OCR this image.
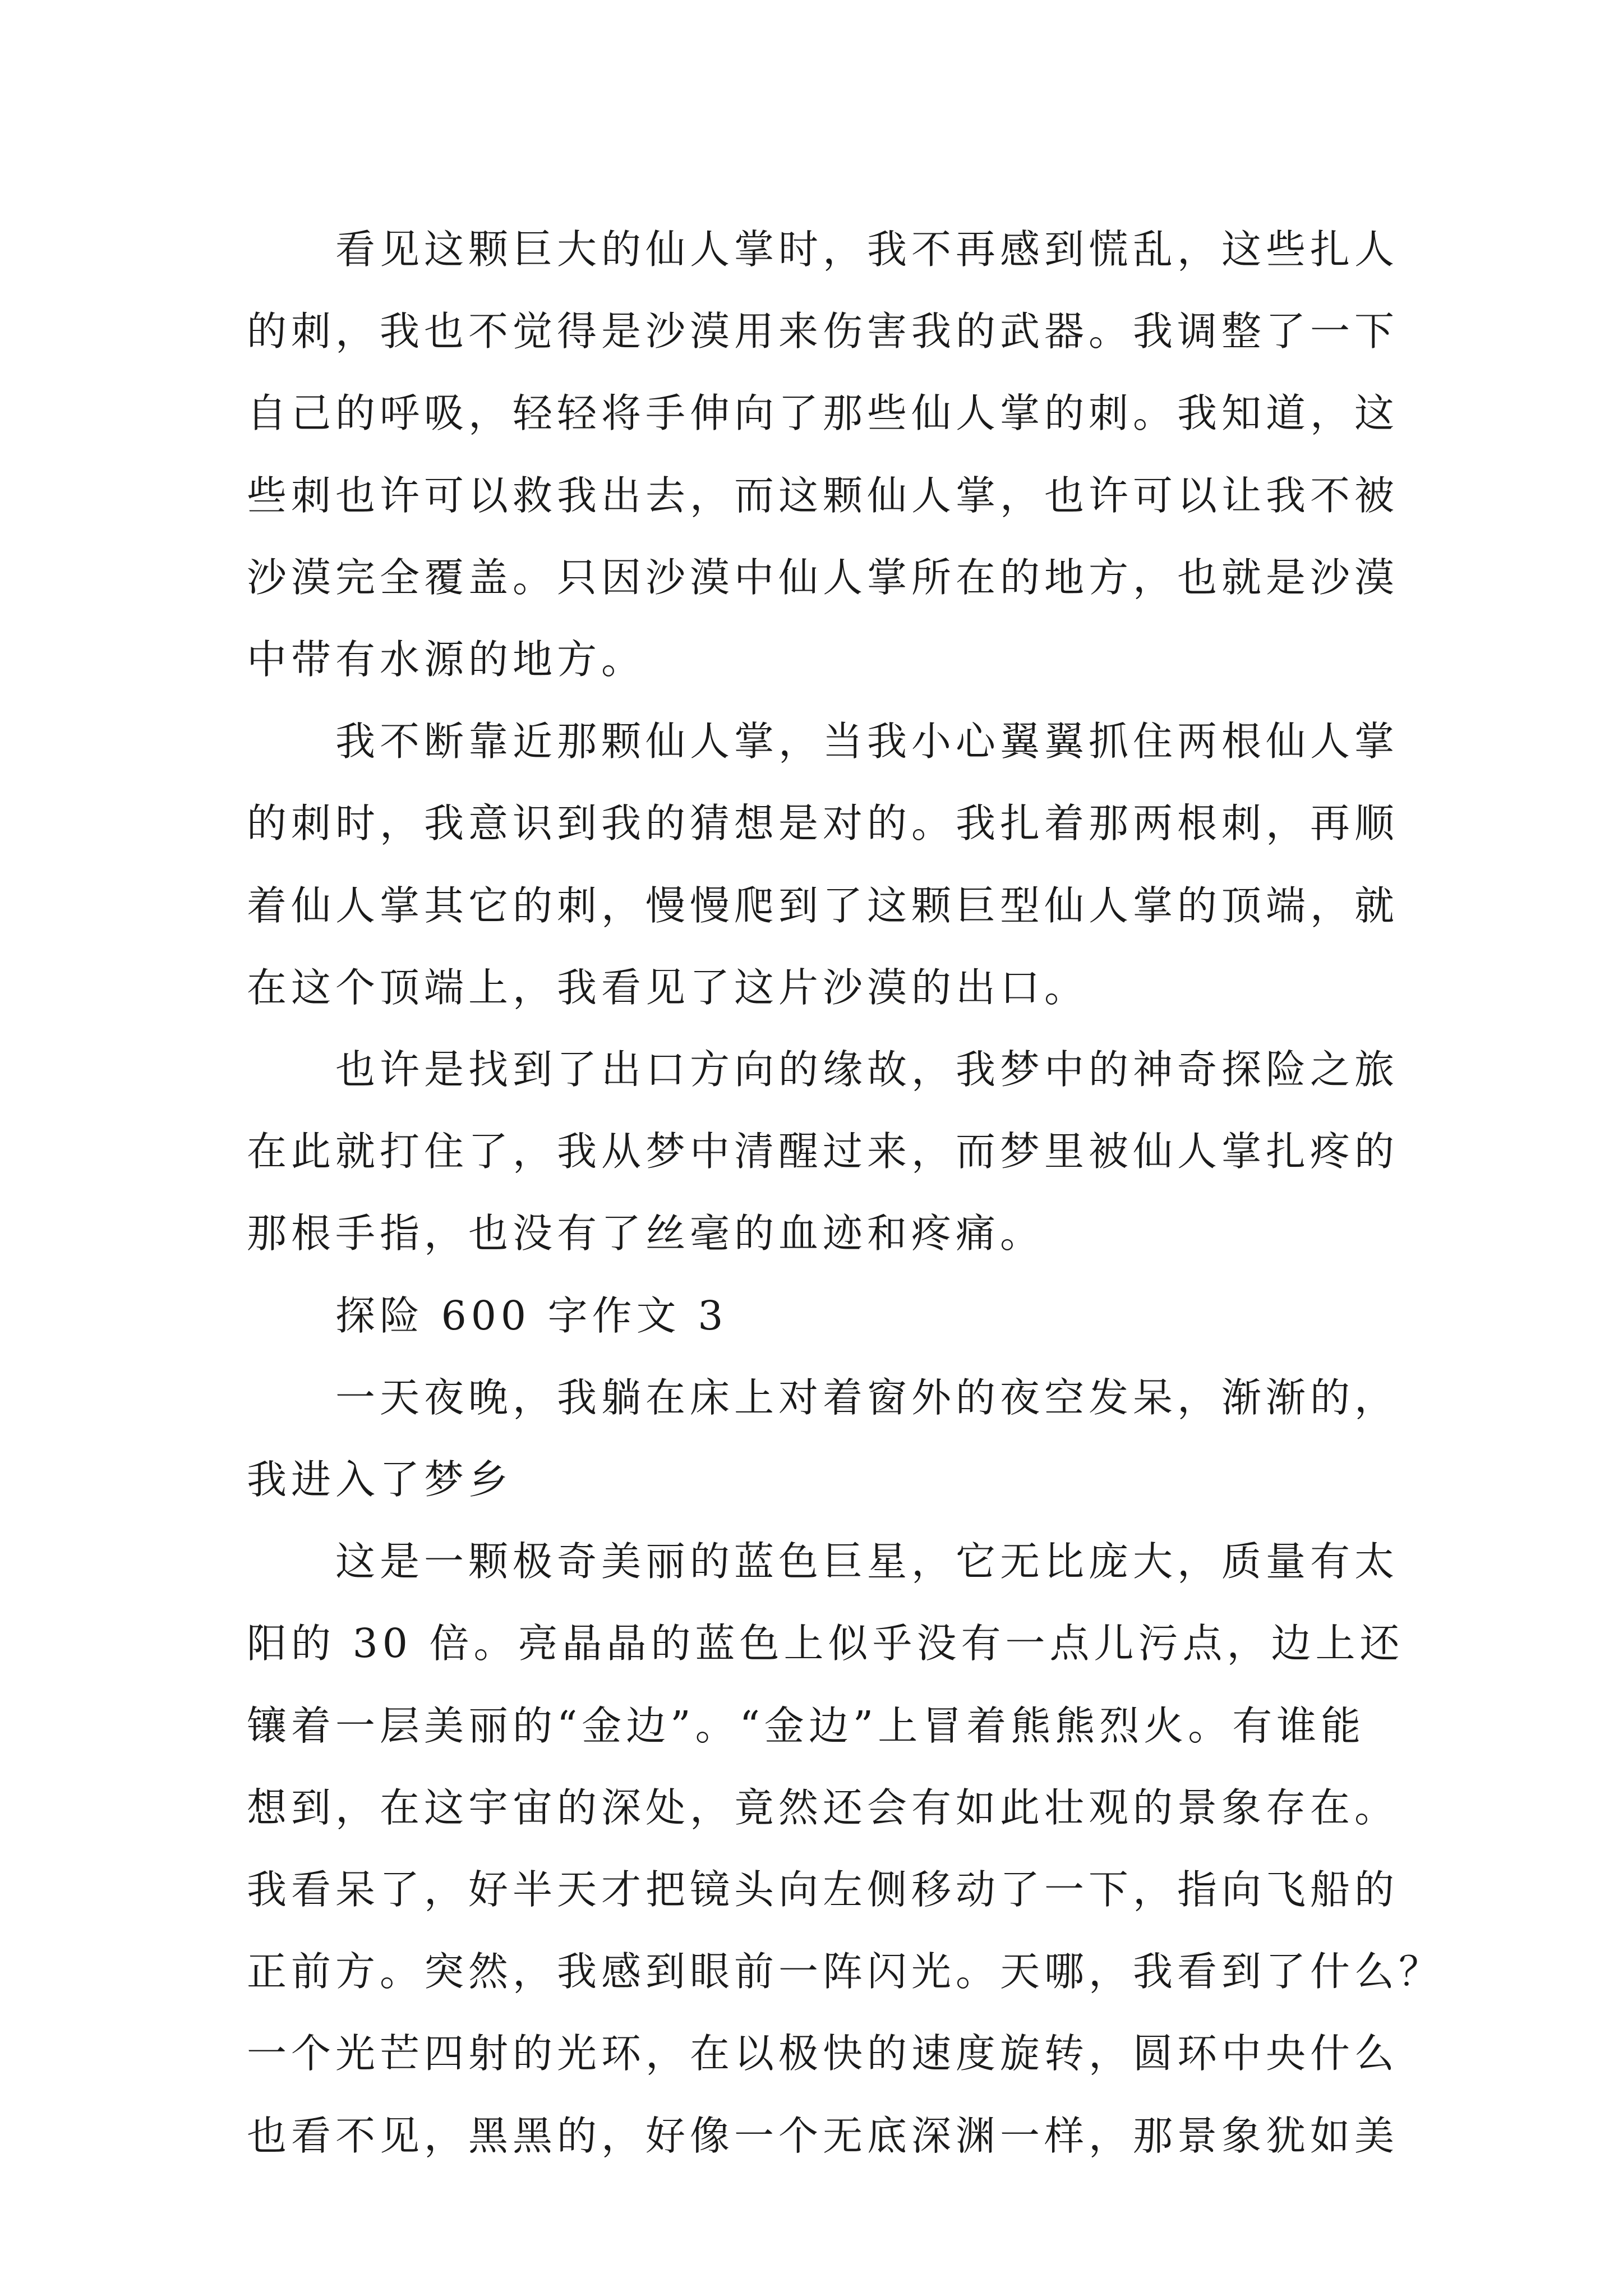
看见这颗巨大的仙人掌时，我不再感到慌乱，这些扎人

的刺，我也不觉得是沙漠用来伤害我的武器。我调整了一下

自己的呼吸，轻轻将手伸向了那些仙人掌的刺。我知道，这

些刺也许可以救我出去，而这颗仙人掌，也许可以让我不被

沙漠完全覆盖。只因沙漠中仙人掌所在的地方，也就是沙漠

中带有水源的地方。

我不断靠近那颗仙人掌，当我小心翼翼抓住两根仙人掌

的刺时，我意识到我的猜想是对的。我扎着那两根刺，再顺

着仙人掌其它的刺，慢慢爬到了这颗巨型仙人掌的顶端，就

在这个顶端上，我看见了这片沙漠的出口。

也许是找到了出口方向的缘故，我梦中的神奇探险之旅

在此就打住了，我从梦中清醒过来，而梦里被仙人掌扎疼的

那根手指，也没有了丝毫的血迹和疼痛。

探险 600 字作文 3

一天夜晚，我躺在床上对着窗外的夜空发呆，渐渐的，

我进入了梦乡

这是一颗极奇美丽的蓝色巨星，它无比庞大，质量有太

阳的 30 倍。亮晶晶的蓝色上似乎没有一点儿污点，边上还

镶着一层美丽的“金边”。“金边”上冒着熊熊烈火。有谁能

想到，在这宇宙的深处，竟然还会有如此壮观的景象存在。

我看呆了，好半天才把镜头向左侧移动了一下，指向飞船的

正前方。突然，我感到眼前一阵闪光。天哪，我看到了什么？

一个光芒四射的光环，在以极快的速度旋转，圆环中央什么

也看不见，黑黑的，好像一个无底深渊一样，那景象犹如美
